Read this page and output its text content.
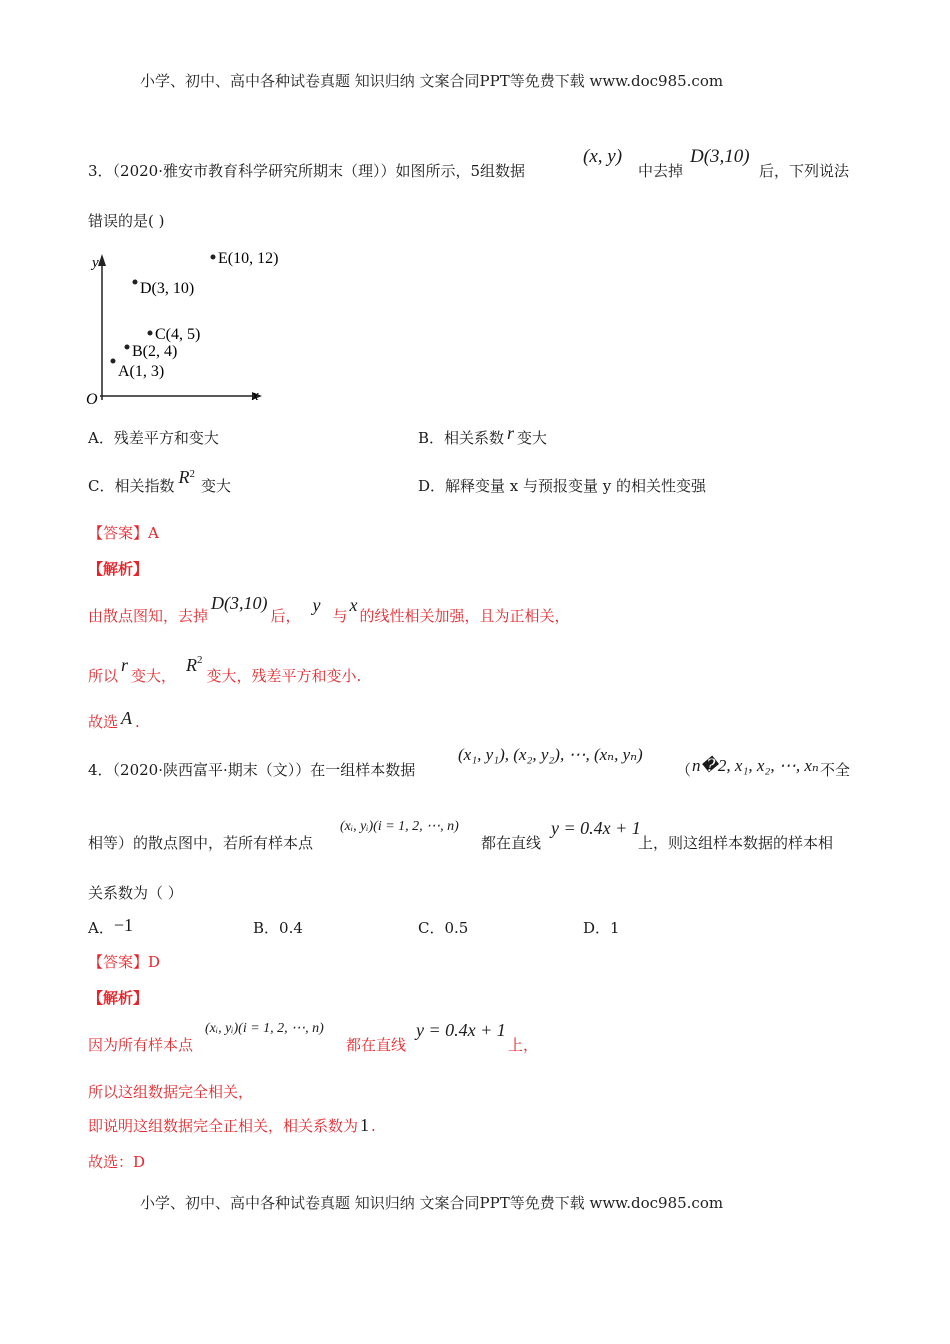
小学、初中、高中各种试卷真题 知识归纳 文案合同PPT等免费下载 www.doc985.com
3．（2020·雅安市教育科学研究所期末（理））如图所示，5组数据
(x, y)
中去掉
D(3,10)
后，下列说法
错误的是( )
y
x
O
E(10, 12)
D(3, 10)
C(4, 5)
B(2, 4)
A(1, 3)
A．残差平方和变大	B．相关系数 r 变大
C．相关指数 $R^2$变大	D．解释变量 x 与预报变量 y 的相关性变强
【答案】A
【解析】
由散点图知，去掉D(3,10)后，y与x的线性相关加强，且为正相关，
所以r变大，$R^2$变大，残差平方和变小.
故选 A .
4．（2020·陕西富平·期末（文））在一组样本数据
(x₁, y₁), (x₂, y₂), ⋯, (xₙ, yₙ)
（ n�2, x₁, x₂, ⋯, xₙ 不全
相等）的散点图中，若所有样本点
(xᵢ, yᵢ)(i = 1, 2, ⋯, n)
都在直线
y = 0.4x + 1
上，则这组样本数据的样本相
关系数为（ ）
A．−1	B．0.4	C．0.5	D．1
【答案】D
【解析】
因为所有样本点
(xᵢ, yᵢ)(i = 1, 2, ⋯, n)
都在直线
y = 0.4x + 1
上，
所以这组数据完全相关，
即说明这组数据完全正相关，相关系数为 1 .
故选：D
小学、初中、高中各种试卷真题 知识归纳 文案合同PPT等免费下载 www.doc985.com
